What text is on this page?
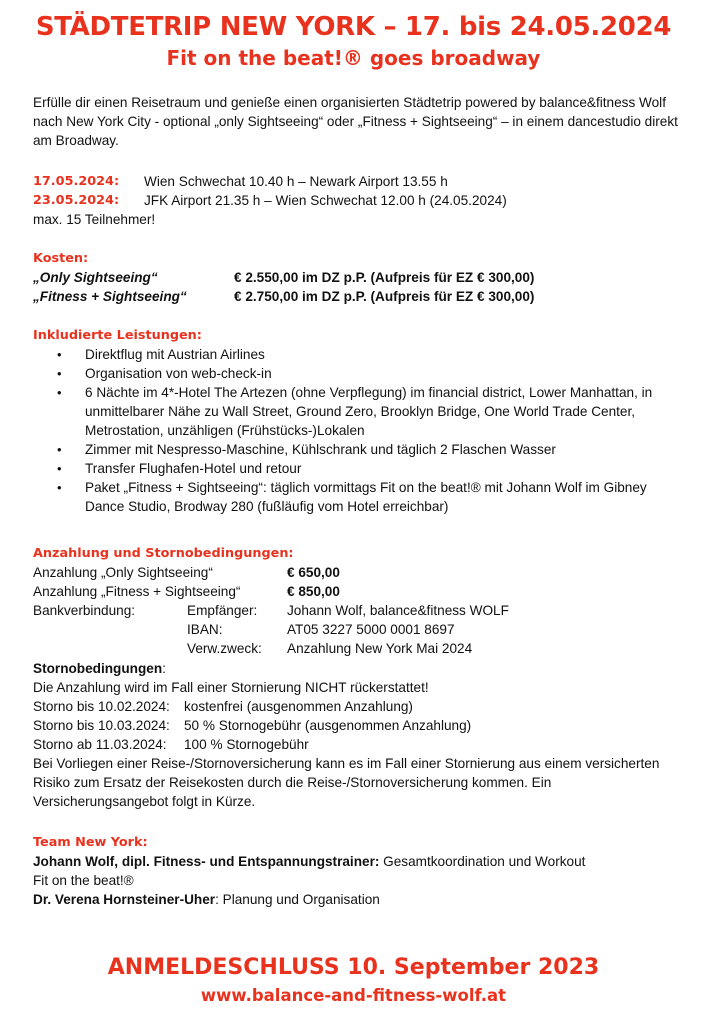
STÄDTETRIP NEW YORK – 17. bis 24.05.2024
Fit on the beat!® goes broadway
Erfülle dir einen Reisetraum und genieße einen organisierten Städtetrip powered by balance&fitness Wolf nach New York City - optional „only Sightseeing“ oder „Fitness + Sightseeing“ – in einem dancestudio direkt am Broadway.
17.05.2024: Wien Schwechat 10.40 h – Newark Airport 13.55 h
23.05.2024: JFK Airport 21.35 h – Wien Schwechat 12.00 h (24.05.2024)
max. 15 Teilnehmer!
Kosten:
„Only Sightseeing“	€ 2.550,00 im DZ p.P. (Aufpreis für EZ € 300,00)
„Fitness + Sightseeing“	€ 2.750,00 im DZ p.P. (Aufpreis für EZ € 300,00)
Inkludierte Leistungen:
• Direktflug mit Austrian Airlines
• Organisation von web-check-in
• 6 Nächte im 4*-Hotel The Artezen (ohne Verpflegung) im financial district, Lower Manhattan, in unmittelbarer Nähe zu Wall Street, Ground Zero, Brooklyn Bridge, One World Trade Center, Metrostation, unzähligen (Frühstücks-)Lokalen
• Zimmer mit Nespresso-Maschine, Kühlschrank und täglich 2 Flaschen Wasser
• Transfer Flughafen-Hotel und retour
• Paket „Fitness + Sightseeing“: täglich vormittags Fit on the beat!® mit Johann Wolf im Gibney Dance Studio, Brodway 280 (fußläufig vom Hotel erreichbar)
Anzahlung und Stornobedingungen:
Anzahlung „Only Sightseeing“	€ 650,00
Anzahlung „Fitness + Sightseeing“	€ 850,00
Bankverbindung:	Empfänger: Johann Wolf, balance&fitness WOLF
IBAN:	AT05 3227 5000 0001 8697
Verw.zweck: Anzahlung New York Mai 2024
Stornobedingungen:
Die Anzahlung wird im Fall einer Stornierung NICHT rückerstattet!
Storno bis 10.02.2024: kostenfrei (ausgenommen Anzahlung)
Storno bis 10.03.2024: 50 % Stornogebühr (ausgenommen Anzahlung)
Storno ab 11.03.2024: 100 % Stornogebühr
Bei Vorliegen einer Reise-/Stornoversicherung kann es im Fall einer Stornierung aus einem versicherten Risiko zum Ersatz der Reisekosten durch die Reise-/Stornoversicherung kommen. Ein Versicherungsangebot folgt in Kürze.
Team New York:
Johann Wolf, dipl. Fitness- und Entspannungstrainer: Gesamtkoordination und Workout Fit on the beat!®
Dr. Verena Hornsteiner-Uher: Planung und Organisation
ANMELDESCHLUSS 10. September 2023
www.balance-and-fitness-wolf.at
